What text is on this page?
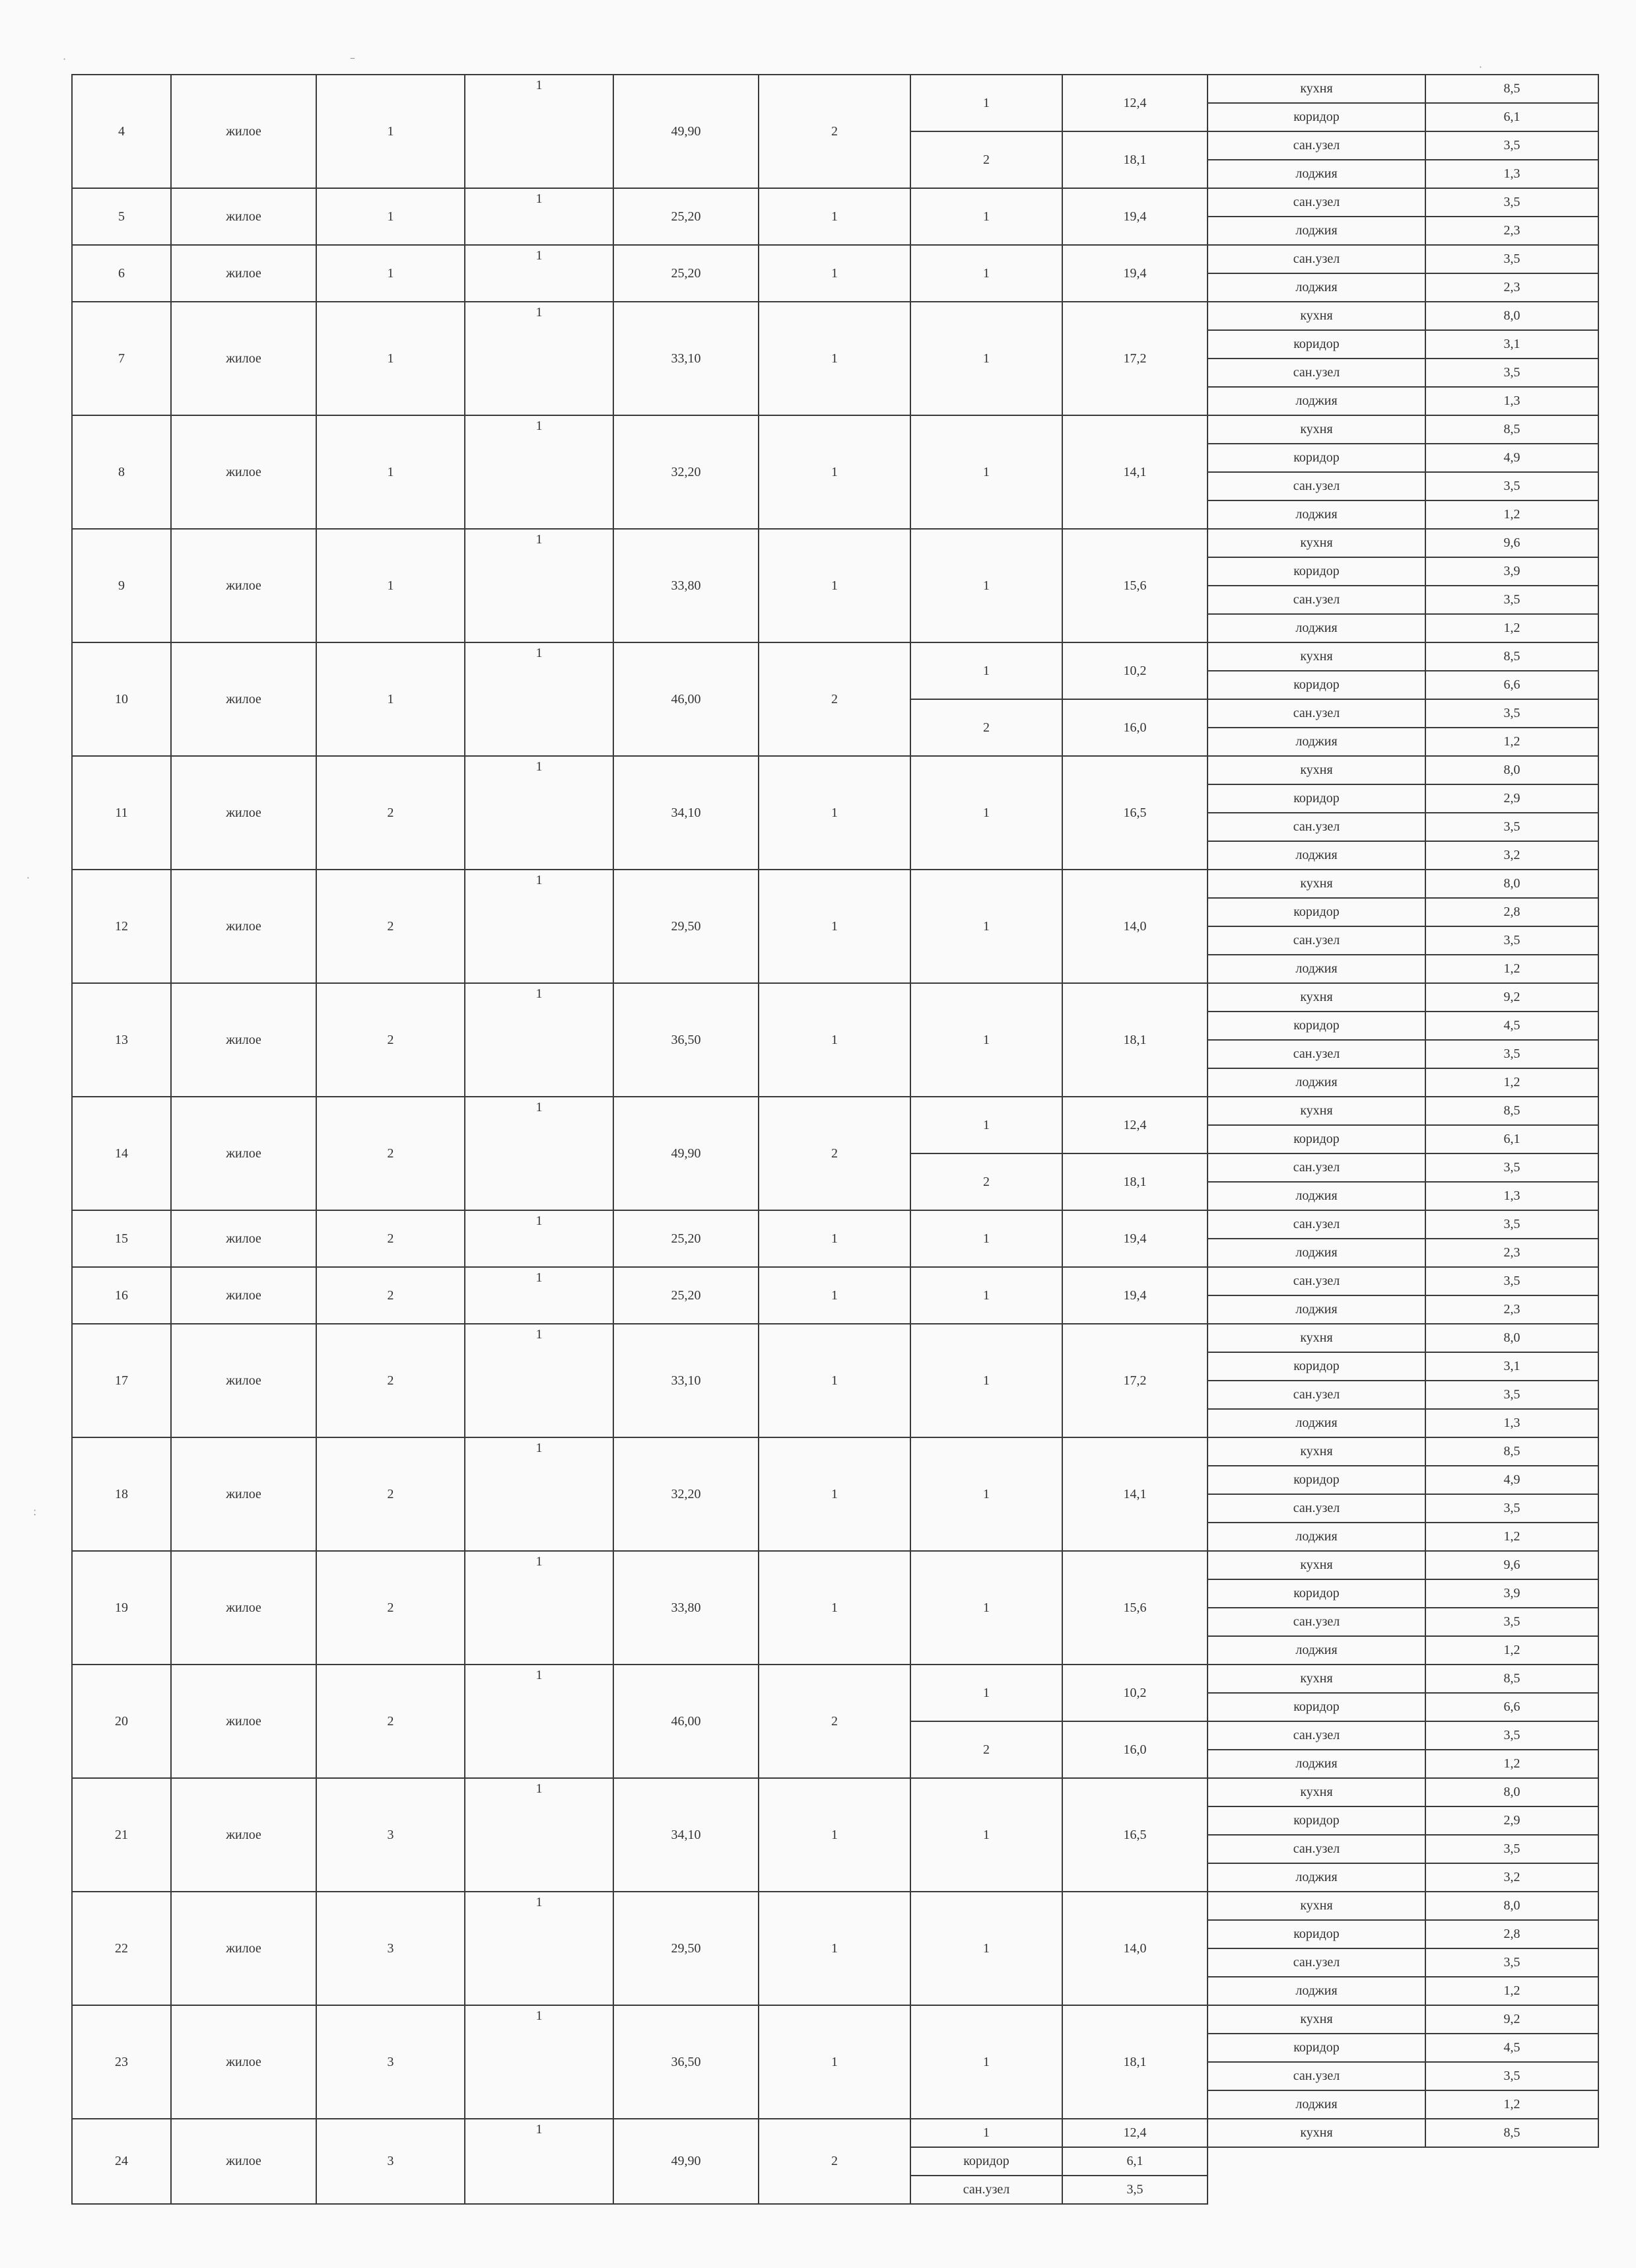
4	жилое	1	1	49,90	2	1	12,4	кухня	8,5
								коридор	6,1
						2	18,1	сан.узел	3,5
								лоджия	1,3
5	жилое	1	1	25,20	1	1	19,4	сан.узел	3,5
								лоджия	2,3
6	жилое	1	1	25,20	1	1	19,4	сан.узел	3,5
								лоджия	2,3
7	жилое	1	1	33,10	1	1	17,2	кухня	8,0
								коридор	3,1
								сан.узел	3,5
								лоджия	1,3
8	жилое	1	1	32,20	1	1	14,1	кухня	8,5
								коридор	4,9
								сан.узел	3,5
								лоджия	1,2
9	жилое	1	1	33,80	1	1	15,6	кухня	9,6
								коридор	3,9
								сан.узел	3,5
								лоджия	1,2
10	жилое	1	1	46,00	2	1	10,2	кухня	8,5
								коридор	6,6
						2	16,0	сан.узел	3,5
								лоджия	1,2
11	жилое	2	1	34,10	1	1	16,5	кухня	8,0
								коридор	2,9
								сан.узел	3,5
								лоджия	3,2
12	жилое	2	1	29,50	1	1	14,0	кухня	8,0
								коридор	2,8
								сан.узел	3,5
								лоджия	1,2
13	жилое	2	1	36,50	1	1	18,1	кухня	9,2
								коридор	4,5
								сан.узел	3,5
								лоджия	1,2
14	жилое	2	1	49,90	2	1	12,4	кухня	8,5
								коридор	6,1
						2	18,1	сан.узел	3,5
								лоджия	1,3
15	жилое	2	1	25,20	1	1	19,4	сан.узел	3,5
								лоджия	2,3
16	жилое	2	1	25,20	1	1	19,4	сан.узел	3,5
								лоджия	2,3
17	жилое	2	1	33,10	1	1	17,2	кухня	8,0
								коридор	3,1
								сан.узел	3,5
								лоджия	1,3
18	жилое	2	1	32,20	1	1	14,1	кухня	8,5
								коридор	4,9
								сан.узел	3,5
								лоджия	1,2
19	жилое	2	1	33,80	1	1	15,6	кухня	9,6
								коридор	3,9
								сан.узел	3,5
								лоджия	1,2
20	жилое	2	1	46,00	2	1	10,2	кухня	8,5
								коридор	6,6
						2	16,0	сан.узел	3,5
								лоджия	1,2
21	жилое	3	1	34,10	1	1	16,5	кухня	8,0
								коридор	2,9
								сан.узел	3,5
								лоджия	3,2
22	жилое	3	1	29,50	1	1	14,0	кухня	8,0
								коридор	2,8
								сан.узел	3,5
								лоджия	1,2
23	жилое	3	1	36,50	1	1	18,1	кухня	9,2
								коридор	4,5
								сан.узел	3,5
								лоджия	1,2
24	жилое	3	1	49,90	2	1	12,4	кухня	8,5
						коридор	6,1		
						сан.узел	3,5		
·	–
·
·
:
